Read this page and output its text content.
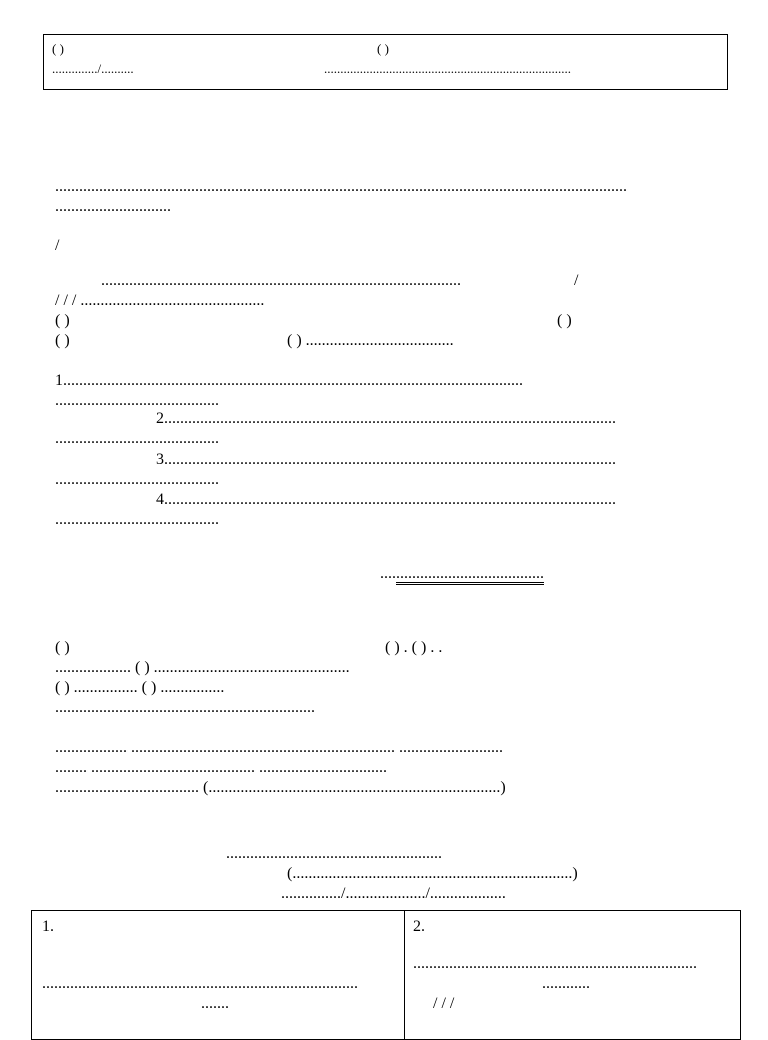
( )	( )
............../..........	............................................................................
...............................................................................................................................................
.............................
/
..........................................................................................	/
/ / / ..............................................
( )	( )
( )	( ) .....................................
1...................................................................................................................
.........................................
2.................................................................................................................
.........................................
3.................................................................................................................
.........................................
4.................................................................................................................
.........................................
.........................................
( )	( ) . ( ) . .
................... ( ) .................................................
( ) ................ ( ) ................
.................................................................
.................. .................................................................. ..........................
........ ......................................... ................................
.................................... (.........................................................................)
......................................................
(......................................................................)
.............../..................../...................
1.
...............................................................................
.......
2.
.......................................................................
............
/ / /
